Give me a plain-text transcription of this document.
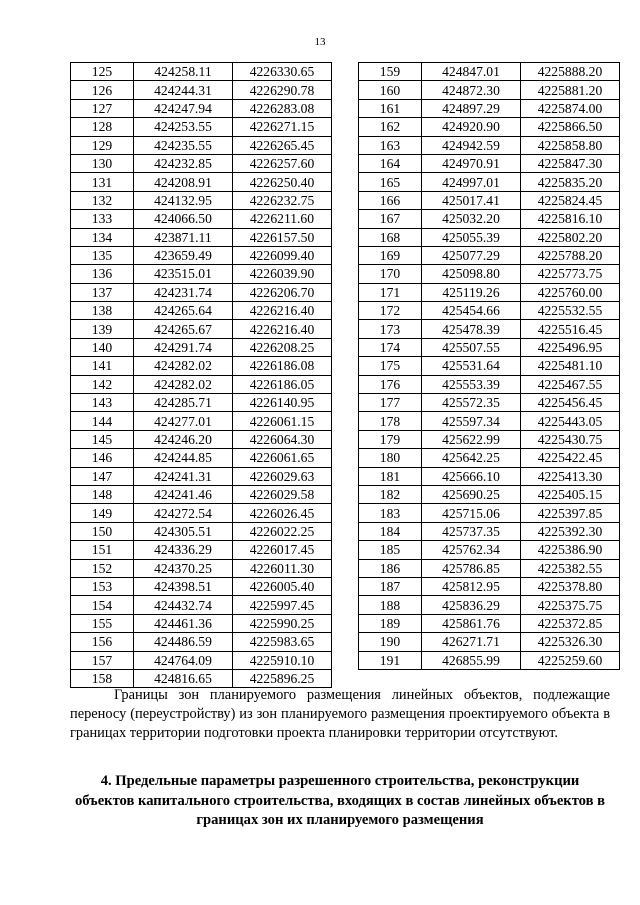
13
125	424258.11	4226330.65
126	424244.31	4226290.78
127	424247.94	4226283.08
128	424253.55	4226271.15
129	424235.55	4226265.45
130	424232.85	4226257.60
131	424208.91	4226250.40
132	424132.95	4226232.75
133	424066.50	4226211.60
134	423871.11	4226157.50
135	423659.49	4226099.40
136	423515.01	4226039.90
137	424231.74	4226206.70
138	424265.64	4226216.40
139	424265.67	4226216.40
140	424291.74	4226208.25
141	424282.02	4226186.08
142	424282.02	4226186.05
143	424285.71	4226140.95
144	424277.01	4226061.15
145	424246.20	4226064.30
146	424244.85	4226061.65
147	424241.31	4226029.63
148	424241.46	4226029.58
149	424272.54	4226026.45
150	424305.51	4226022.25
151	424336.29	4226017.45
152	424370.25	4226011.30
153	424398.51	4226005.40
154	424432.74	4225997.45
155	424461.36	4225990.25
156	424486.59	4225983.65
157	424764.09	4225910.10
158	424816.65	4225896.25
159	424847.01	4225888.20
160	424872.30	4225881.20
161	424897.29	4225874.00
162	424920.90	4225866.50
163	424942.59	4225858.80
164	424970.91	4225847.30
165	424997.01	4225835.20
166	425017.41	4225824.45
167	425032.20	4225816.10
168	425055.39	4225802.20
169	425077.29	4225788.20
170	425098.80	4225773.75
171	425119.26	4225760.00
172	425454.66	4225532.55
173	425478.39	4225516.45
174	425507.55	4225496.95
175	425531.64	4225481.10
176	425553.39	4225467.55
177	425572.35	4225456.45
178	425597.34	4225443.05
179	425622.99	4225430.75
180	425642.25	4225422.45
181	425666.10	4225413.30
182	425690.25	4225405.15
183	425715.06	4225397.85
184	425737.35	4225392.30
185	425762.34	4225386.90
186	425786.85	4225382.55
187	425812.95	4225378.80
188	425836.29	4225375.75
189	425861.76	4225372.85
190	426271.71	4225326.30
191	426855.99	4225259.60

Границы зон планируемого размещения линейных объектов, подлежащие переносу (переустройству) из зон планируемого размещения проектируемого объекта в границах территории подготовки проекта планировки территории отсутствуют.

4. Предельные параметры разрешенного строительства, реконструкции объектов капитального строительства, входящих в состав линейных объектов в границах зон их планируемого размещения
